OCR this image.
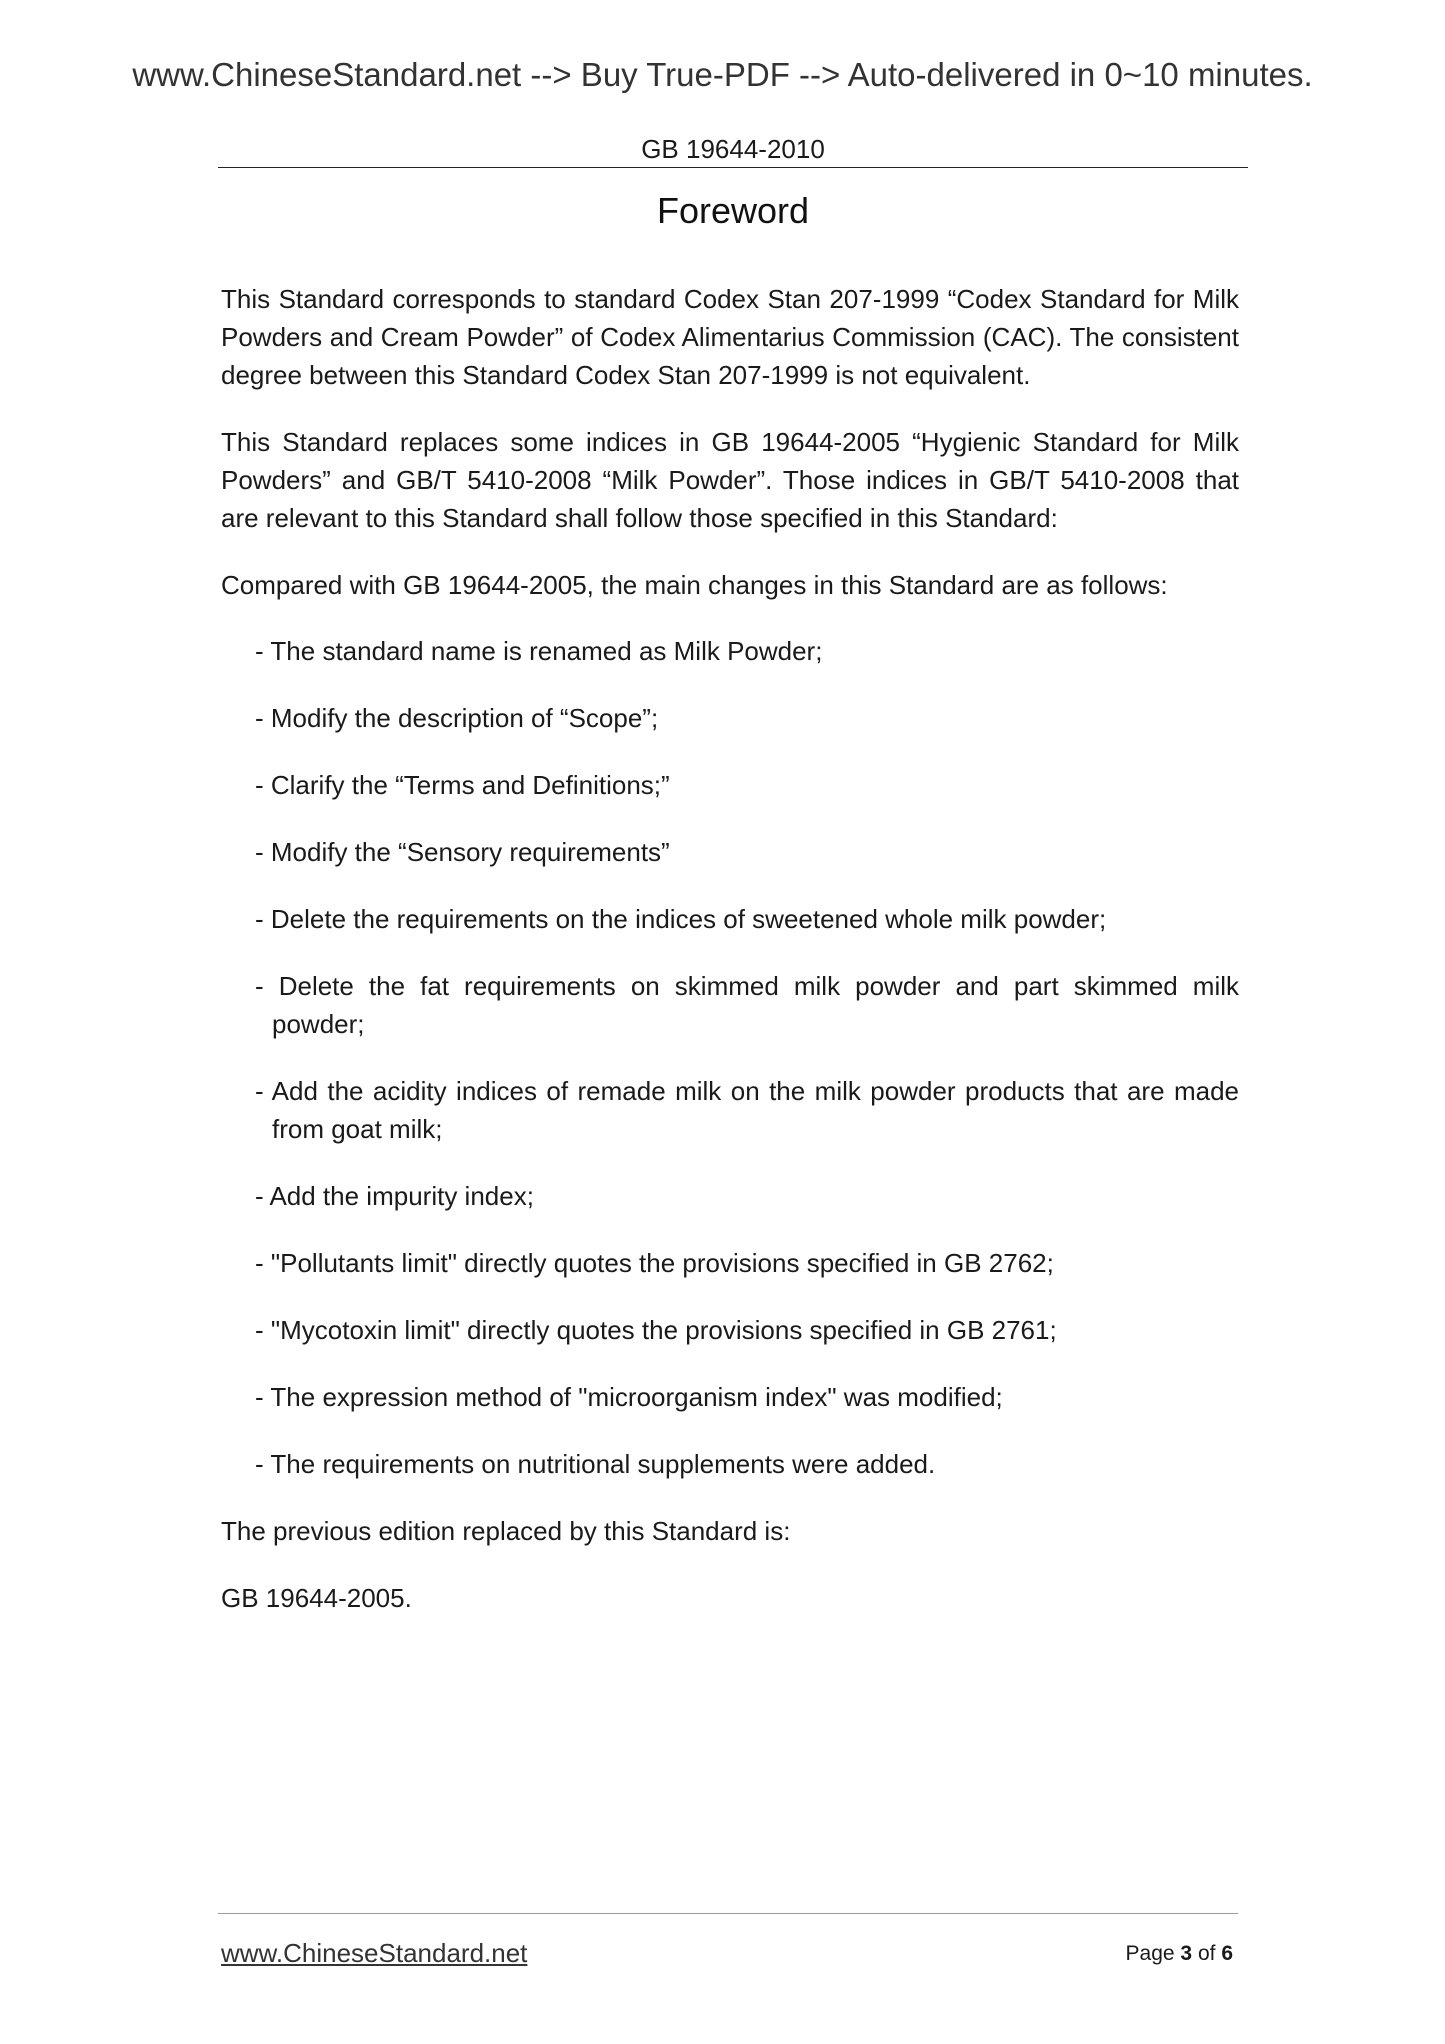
www.ChineseStandard.net --> Buy True-PDF --> Auto-delivered in 0~10 minutes.
GB 19644-2010
Foreword
This Standard corresponds to standard Codex Stan 207-1999 “Codex Standard for Milk Powders and Cream Powder” of Codex Alimentarius Commission (CAC). The consistent degree between this Standard Codex Stan 207-1999 is not equivalent.
This Standard replaces some indices in GB 19644-2005 “Hygienic Standard for Milk Powders” and GB/T 5410-2008 “Milk Powder”. Those indices in GB/T 5410-2008 that are relevant to this Standard shall follow those specified in this Standard:
Compared with GB 19644-2005, the main changes in this Standard are as follows:
- The standard name is renamed as Milk Powder;
- Modify the description of “Scope”;
- Clarify the “Terms and Definitions;”
- Modify the “Sensory requirements”
- Delete the requirements on the indices of sweetened whole milk powder;
- Delete the fat requirements on skimmed milk powder and part skimmed milk powder;
- Add the acidity indices of remade milk on the milk powder products that are made from goat milk;
- Add the impurity index;
- "Pollutants limit" directly quotes the provisions specified in GB 2762;
- "Mycotoxin limit" directly quotes the provisions specified in GB 2761;
- The expression method of "microorganism index" was modified;
- The requirements on nutritional supplements were added.
The previous edition replaced by this Standard is:
GB 19644-2005.
www.ChineseStandard.net	Page 3 of 6
